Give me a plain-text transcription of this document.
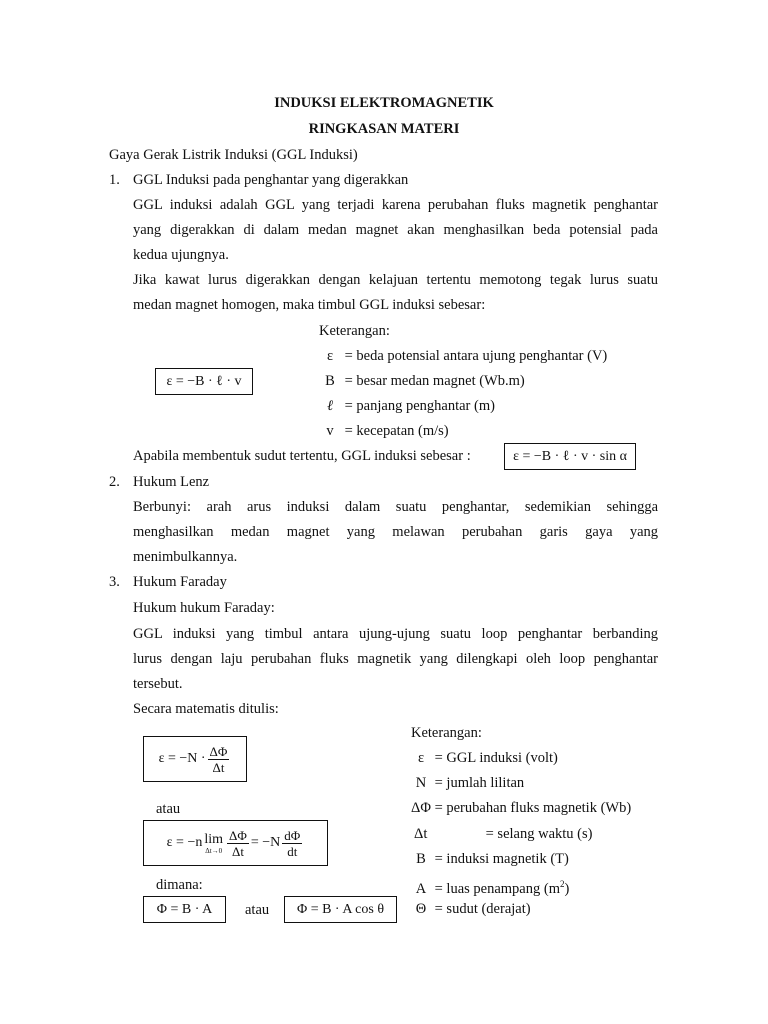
INDUKSI ELEKTROMAGNETIK
RINGKASAN MATERI
Gaya Gerak Listrik Induksi (GGL Induksi)
1. GGL Induksi pada penghantar yang digerakkan
GGL induksi adalah GGL yang terjadi karena perubahan fluks magnetik penghantar
yang digerakkan di dalam medan magnet akan menghasilkan beda potensial pada
kedua ujungnya.
Jika kawat lurus digerakkan dengan kelajuan tertentu memotong tegak lurus suatu
medan magnet homogen, maka timbul GGL induksi sebesar:
Keterangan:
ε = beda potensial antara ujung penghantar (V)
B = besar medan magnet (Wb.m)
ℓ = panjang penghantar (m)
v = kecepatan (m/s)
ε = −B · ℓ · v
Apabila membentuk sudut tertentu, GGL induksi sebesar :	ε = −B · ℓ · v · sin α
2. Hukum Lenz
Berbunyi: arah arus induksi dalam suatu penghantar, sedemikian sehingga
menghasilkan medan magnet yang melawan perubahan garis gaya yang
menimbulkannya.
3. Hukum Faraday
Hukum hukum Faraday:
GGL induksi yang timbul antara ujung-ujung suatu loop penghantar berbanding
lurus dengan laju perubahan fluks magnetik yang dilengkapi oleh loop penghantar
tersebut.
Secara matematis ditulis:
$\varepsilon = -N \cdot \frac{\Delta\Phi}{\Delta t}$
atau
ε = −n lim
$\Delta t\to 0 \frac{\Delta\Phi}{\Delta t} = -N \frac{d\Phi}{dt}$
dimana:
Φ = B · A	atau	Φ = B · A cos θ
Keterangan:
ε = GGL induksi (volt)
N = jumlah lilitan
ΔΦ = perubahan fluks magnetik (Wb)
Δt	= selang waktu (s)
B = induksi magnetik (T)
A = luas penampang $(m^2)$
Θ = sudut (derajat)
